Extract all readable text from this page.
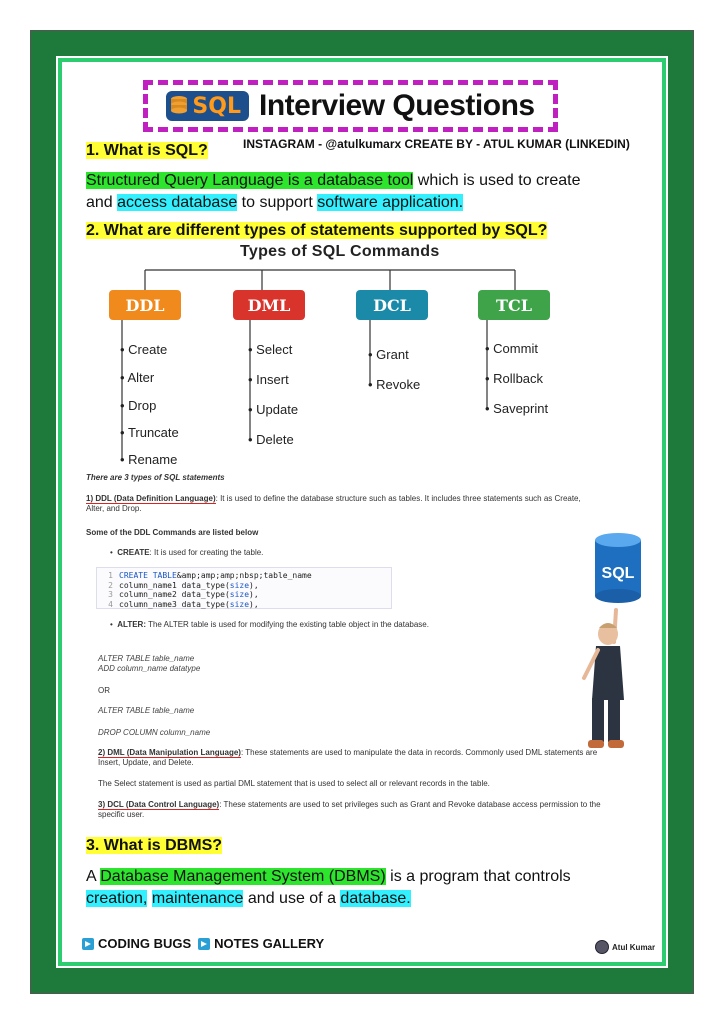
SQL Interview Questions
INSTAGRAM - @atulkumarx CREATE BY - ATUL KUMAR (LINKEDIN)
1. What is SQL?
Structured Query Language is a database tool which is used to create
and access database to support software application.
2. What are different types of statements supported by SQL?
Types of SQL Commands
DDL	DML	DCL	TCL
• Create
• Alter
• Drop
• Truncate
• Rename
• Select
• Insert
• Update
• Delete
• Grant
• Revoke
• Commit
• Rollback
• Saveprint
There are 3 types of SQL statements
1) DDL (Data Definition Language): It is used to define the database structure such as tables. It includes three statements such as Create,
Alter, and Drop.
Some of the DDL Commands are listed below
•  CREATE: It is used for creating the table.
1 CREATE TABLE&amp;amp;amp;nbsp;table_name
2 column_name1 data_type(size),
3 column_name2 data_type(size),
4 column_name3 data_type(size),
•  ALTER: The ALTER table is used for modifying the existing table object in the database.
ALTER TABLE table_name
ADD column_name datatype
OR
ALTER TABLE table_name
DROP COLUMN column_name
2) DML (Data Manipulation Language): These statements are used to manipulate the data in records. Commonly used DML statements are
Insert, Update, and Delete.
The Select statement is used as partial DML statement that is used to select all or relevant records in the table.
3) DCL (Data Control Language): These statements are used to set privileges such as Grant and Revoke database access permission to the
specific user.
SQL
3. What is DBMS?
A Database Management System (DBMS) is a program that controls
creation, maintenance and use of a database.
CODING BUGS NOTES GALLERY	Atul Kumar
